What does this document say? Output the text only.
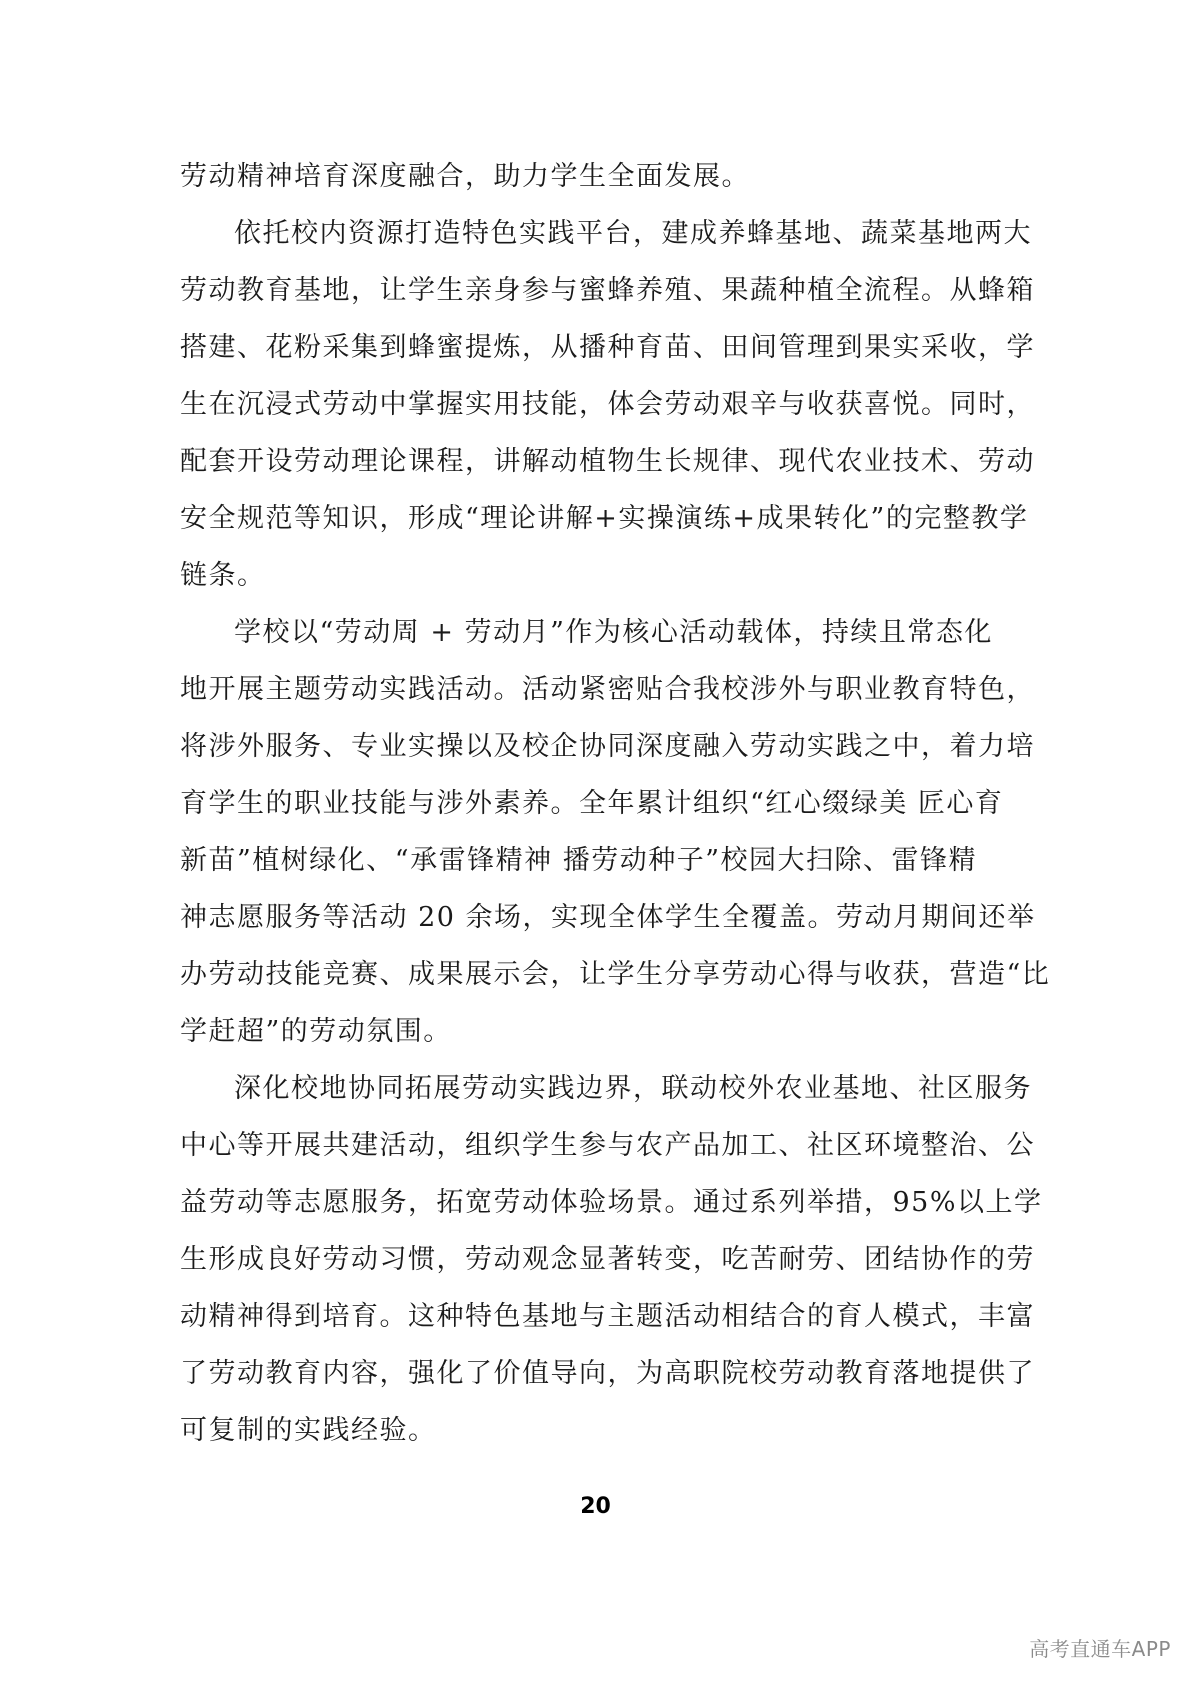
劳动精神培育深度融合，助力学生全面发展。
依托校内资源打造特色实践平台，建成养蜂基地、蔬菜基地两大
劳动教育基地，让学生亲身参与蜜蜂养殖、果蔬种植全流程。从蜂箱
搭建、花粉采集到蜂蜜提炼，从播种育苗、田间管理到果实采收，学
生在沉浸式劳动中掌握实用技能，体会劳动艰辛与收获喜悦。同时，
配套开设劳动理论课程，讲解动植物生长规律、现代农业技术、劳动
安全规范等知识，形成“理论讲解+实操演练+成果转化”的完整教学
链条。
学校以“劳动周 + 劳动月”作为核心活动载体，持续且常态化
地开展主题劳动实践活动。活动紧密贴合我校涉外与职业教育特色，
将涉外服务、专业实操以及校企协同深度融入劳动实践之中，着力培
育学生的职业技能与涉外素养。全年累计组织“红心缀绿美 匠心育
新苗”植树绿化、“承雷锋精神 播劳动种子”校园大扫除、雷锋精
神志愿服务等活动 20 余场，实现全体学生全覆盖。劳动月期间还举
办劳动技能竞赛、成果展示会，让学生分享劳动心得与收获，营造“比
学赶超”的劳动氛围。
深化校地协同拓展劳动实践边界，联动校外农业基地、社区服务
中心等开展共建活动，组织学生参与农产品加工、社区环境整治、公
益劳动等志愿服务，拓宽劳动体验场景。通过系列举措，95%以上学
生形成良好劳动习惯，劳动观念显著转变，吃苦耐劳、团结协作的劳
动精神得到培育。这种特色基地与主题活动相结合的育人模式，丰富
了劳动教育内容，强化了价值导向，为高职院校劳动教育落地提供了
可复制的实践经验。
20
高考直通车APP
